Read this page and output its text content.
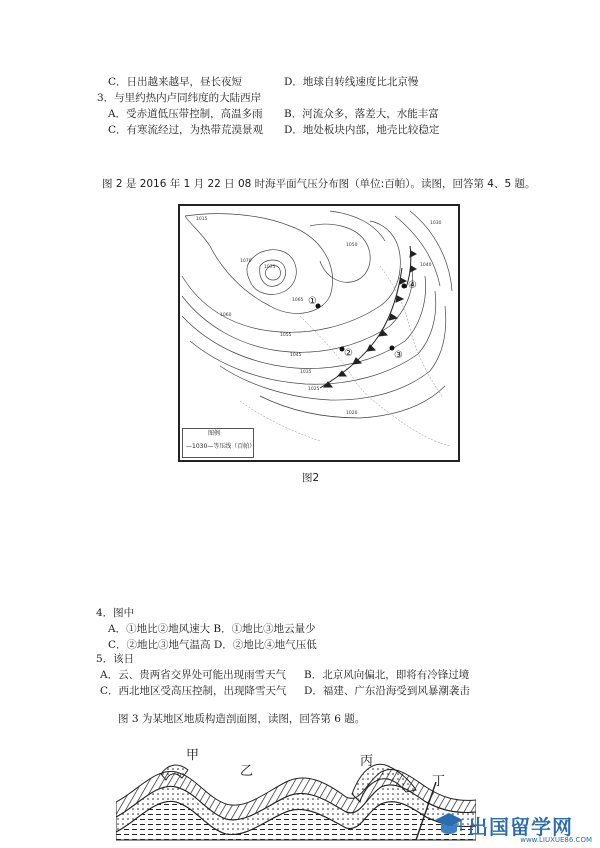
C．日出越来越早，昼长夜短	D．地球自转线速度比北京慢
3．与里约热内卢同纬度的大陆西岸
A．受赤道低压带控制，高温多雨 B．河流众多，落差大，水能丰富
C．有寒流经过，为热带荒漠景观 D．地处板块内部，地壳比较稳定
图 2 是 2016 年 1 月 22 日 08 时海平面气压分布图（单位:百帕）。读图，回答第 4、5 题。
①
②	③
④
1015
1075
1070
1065
1055
1045
1035
1025
1020
1030
1040
1050
1060
图例
—1030—等压线（百帕）
图2
4．图中
A．①地比②地风速大 B．①地比③地云量少
C．②地比③地气温高 D．②地比④地气压低
5．该日
A．云、贵两省交界处可能出现雨雪天气 B．北京风向偏北，即将有冷锋过境
C．西北地区受高压控制，出现降雪天气 D．福建、广东沿海受到风暴潮袭击
图 3 为某地区地质构造剖面图，读图，回答第 6 题。
甲
乙
丙
丁
出国留学网
www.LIUXUE86.COM
